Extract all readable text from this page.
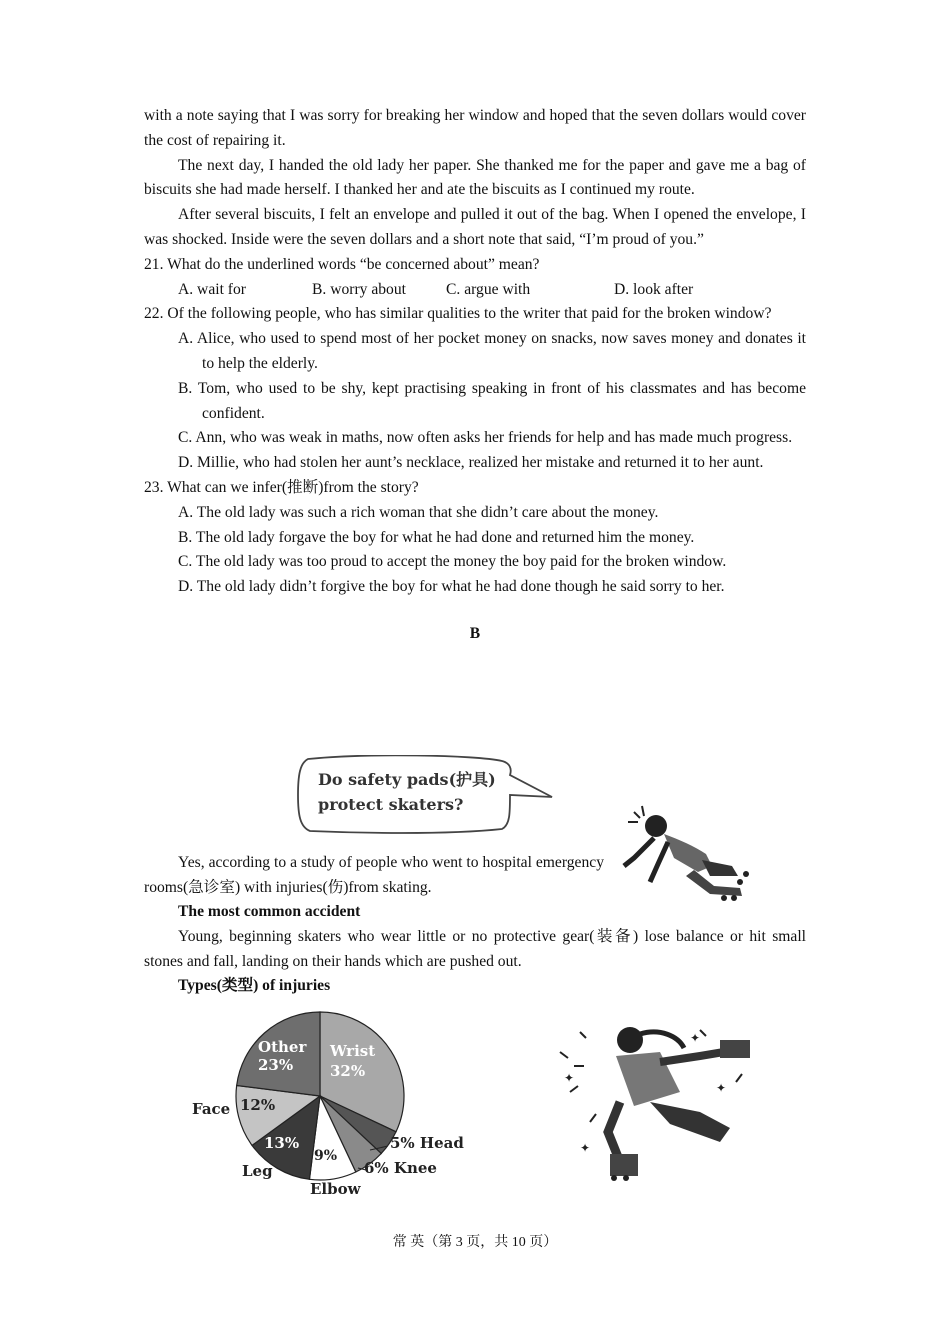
with a note saying that I was sorry for breaking her window and hoped that the seven dollars would cover the cost of repairing it.

The next day, I handed the old lady her paper. She thanked me for the paper and gave me a bag of biscuits she had made herself. I thanked her and ate the biscuits as I continued my route.

After several biscuits, I felt an envelope and pulled it out of the bag. When I opened the envelope, I was shocked. Inside were the seven dollars and a short note that said, “I’m proud of you.”

21. What do the underlined words “be concerned about” mean?

A. wait for	B. worry about	C. argue with	D. look after

22. Of the following people, who has similar qualities to the writer that paid for the broken window?

A. Alice, who used to spend most of her pocket money on snacks, now saves money and donates it to help the elderly.

B. Tom, who used to be shy, kept practising speaking in front of his classmates and has become confident.

C. Ann, who was weak in maths, now often asks her friends for help and has made much progress.

D. Millie, who had stolen her aunt’s necklace, realized her mistake and returned it to her aunt.

23. What can we infer(推断)from the story?

A. The old lady was such a rich woman that she didn’t care about the money.

B. The old lady forgave the boy for what he had done and returned him the money.

C. The old lady was too proud to accept the money the boy paid for the broken window.

D. The old lady didn’t forgive the boy for what he had done though he said sorry to her.

B

Do safety pads(护具)
protect skaters?

Yes, according to a study of people who went to hospital emergency rooms(急诊室) with injuries(伤)from skating.

The most common accident

Young, beginning skaters who wear little or no protective gear(装备) lose balance or hit small stones and fall, landing on their hands which are pushed out.

Types(类型) of injuries

Other
23%
Wrist
32%
12%
13%
9%
5% Head
6% Knee
Face
Leg
Elbow
✦
✦
✦
✦
常 英（第 3 页，共 10 页）
